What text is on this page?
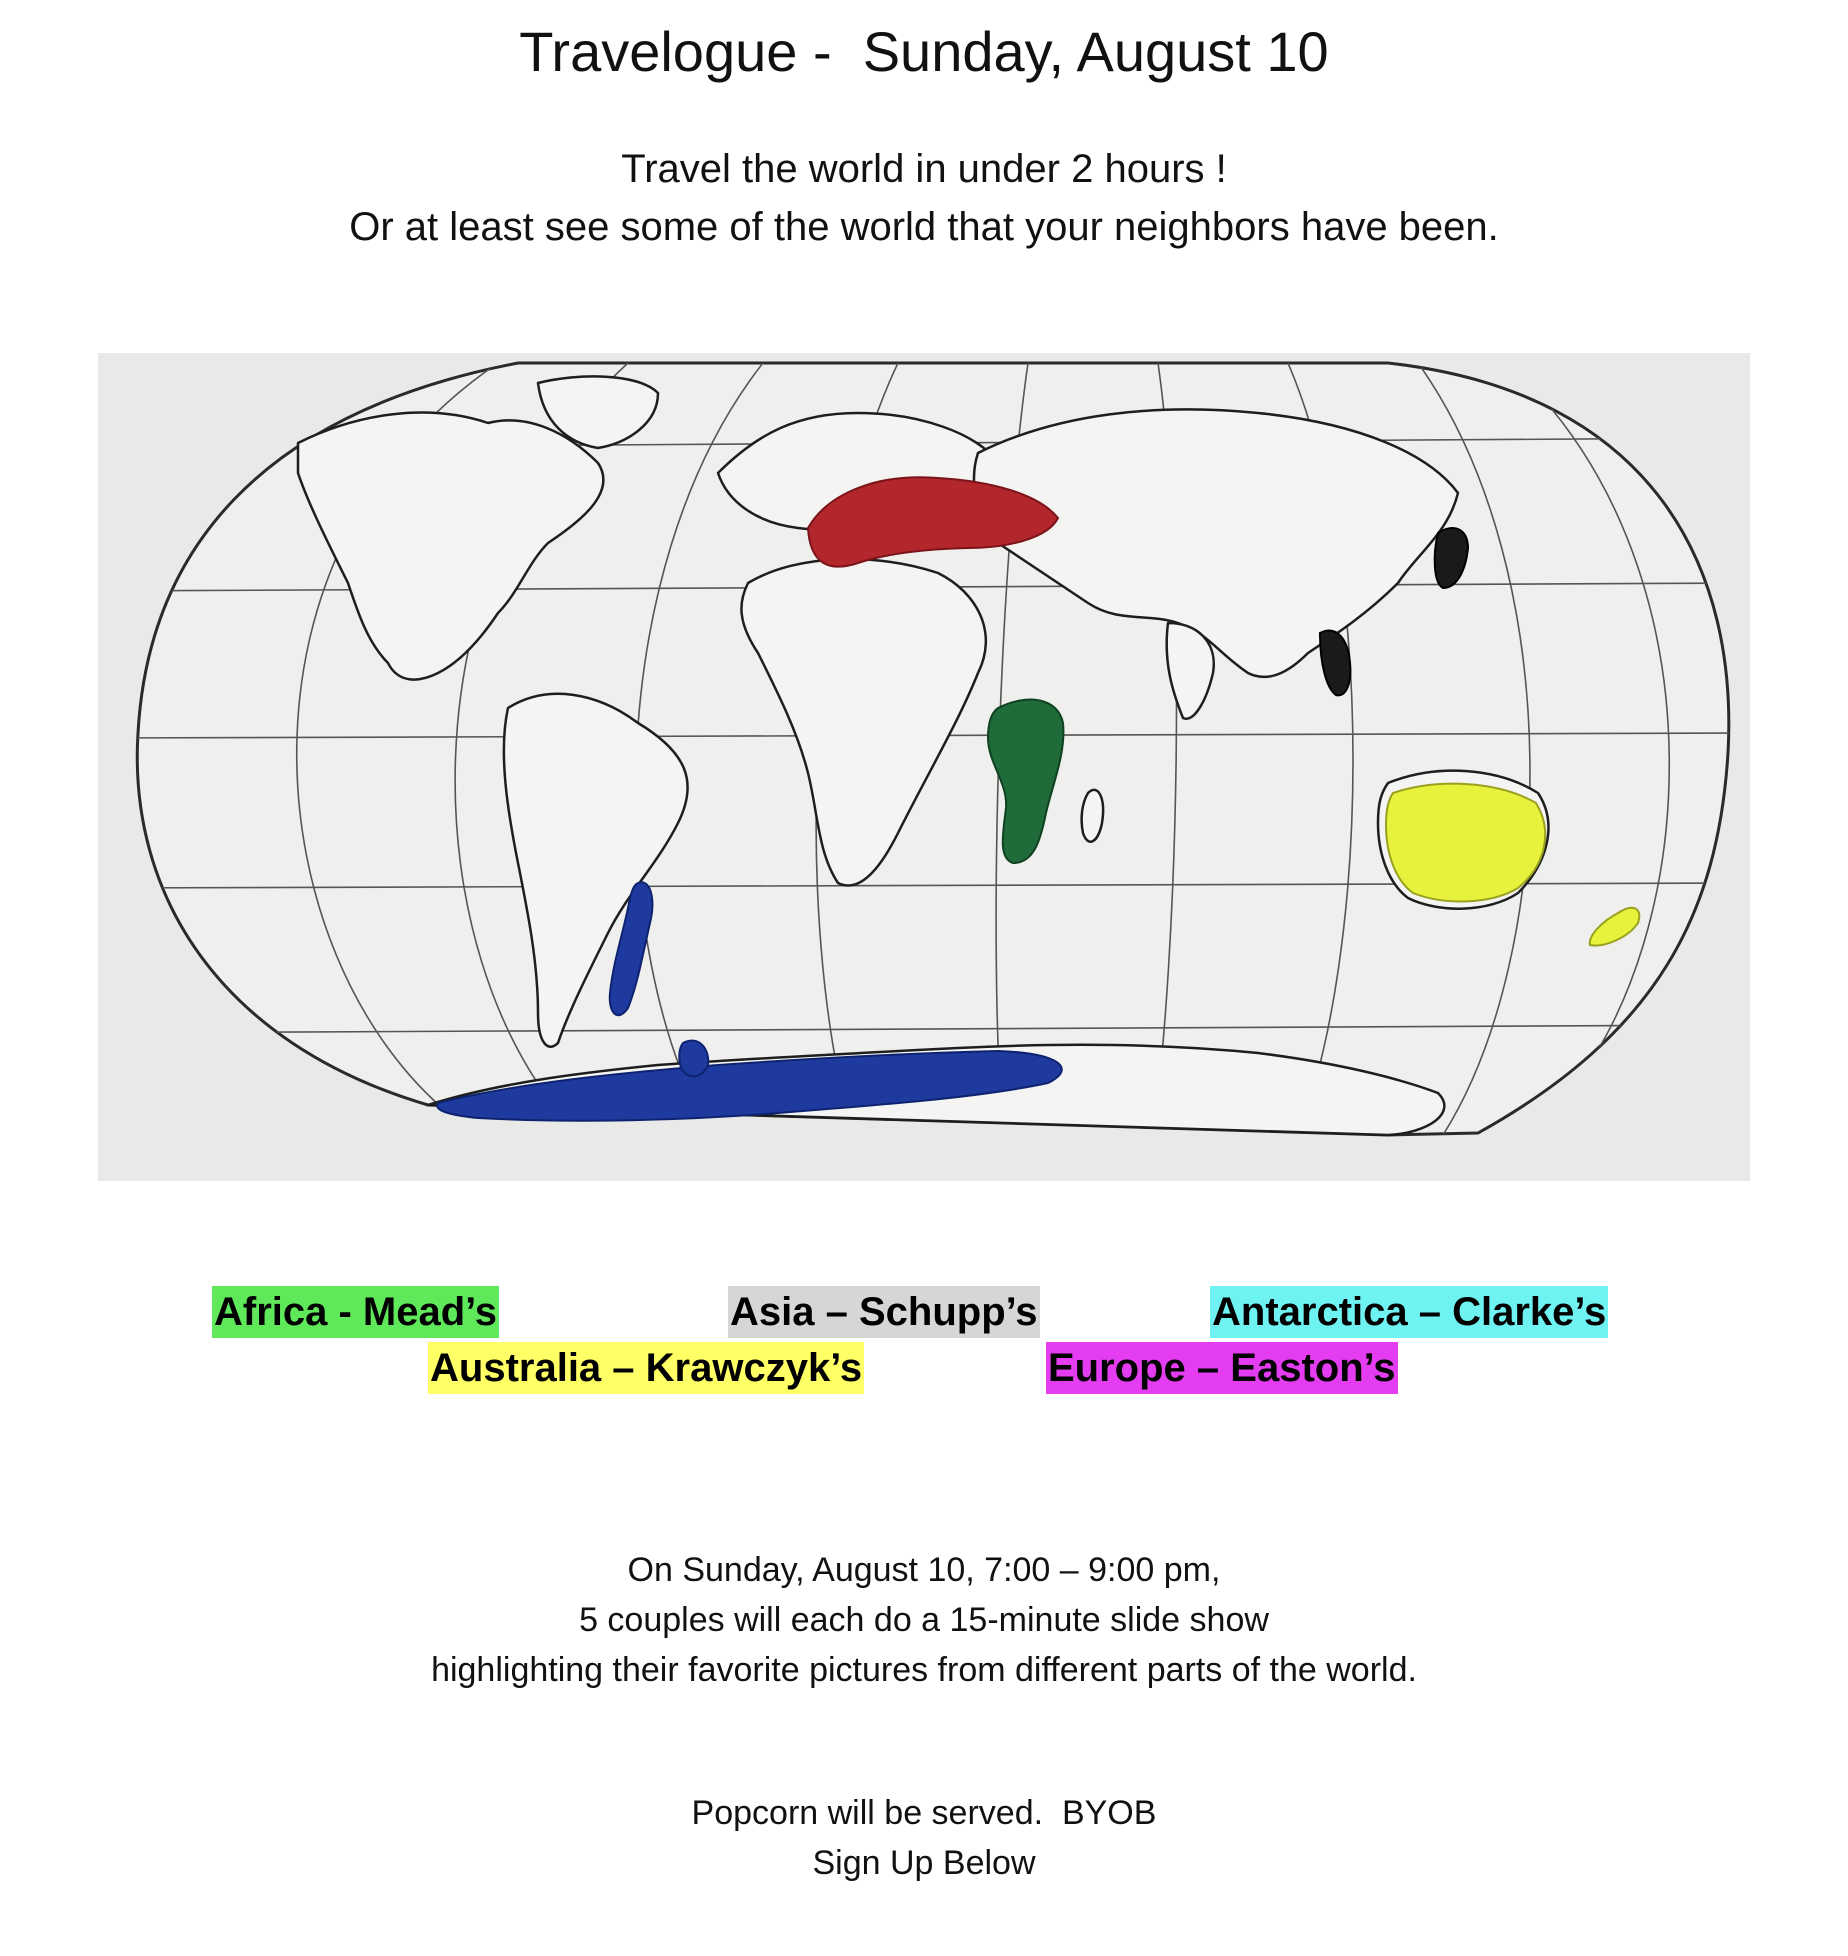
Travelogue -  Sunday, August 10
Travel the world in under 2 hours !
Or at least see some of the world that your neighbors have been.
Africa - Mead’s	Asia – Schupp’s	Antarctica – Clarke’s
Australia – Krawczyk’s	Europe – Easton’s
On Sunday, August 10, 7:00 – 9:00 pm,
5 couples will each do a 15-minute slide show
highlighting their favorite pictures from different parts of the world.
Popcorn will be served.  BYOB
Sign Up Below
